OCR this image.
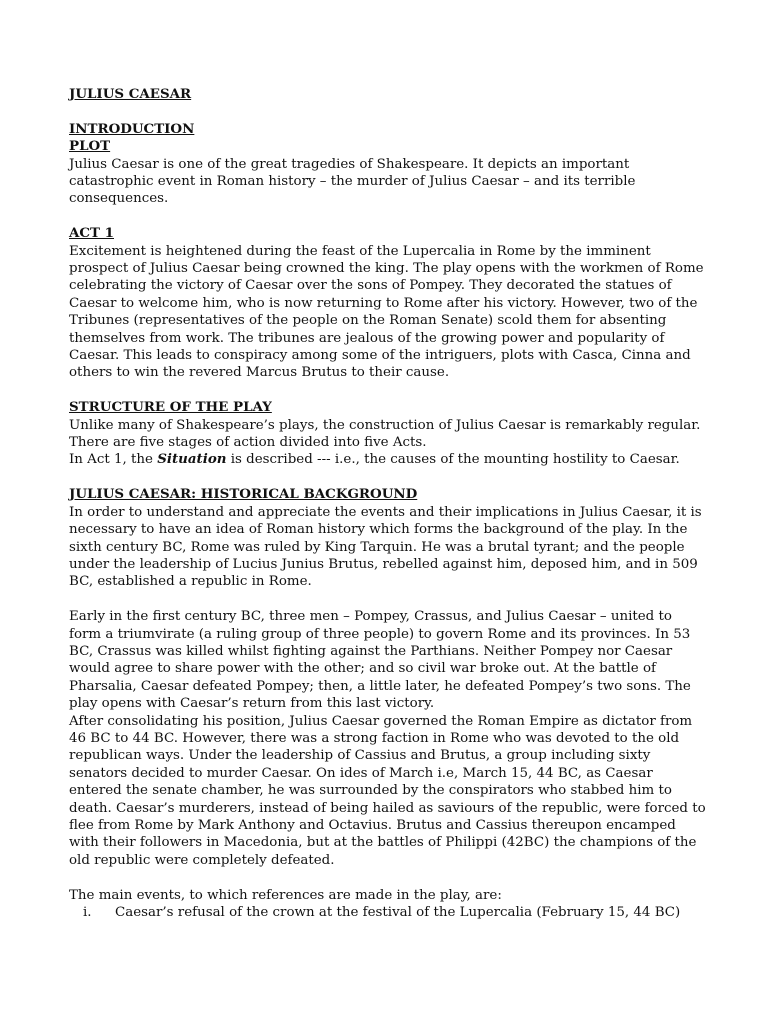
JULIUS CAESAR

INTRODUCTION

PLOT

Julius Caesar is one of the great tragedies of Shakespeare. It depicts an important catastrophic event in Roman history – the murder of Julius Caesar – and its terrible consequences.

ACT 1

Excitement is heightened during the feast of the Lupercalia in Rome by the imminent prospect of Julius Caesar being crowned the king. The play opens with the workmen of Rome celebrating the victory of Caesar over the sons of Pompey. They decorated the statues of Caesar to welcome him, who is now returning to Rome after his victory. However, two of the Tribunes (representatives of the people on the Roman Senate) scold them for absenting themselves from work. The tribunes are jealous of the growing power and popularity of Caesar. This leads to conspiracy among some of the intriguers, plots with Casca, Cinna and others to win the revered Marcus Brutus to their cause.

STRUCTURE OF THE PLAY

Unlike many of Shakespeare’s plays, the construction of Julius Caesar is remarkably regular. There are five stages of action divided into five Acts.

In Act 1, the Situation is described --- i.e., the causes of the mounting hostility to Caesar.

JULIUS CAESAR: HISTORICAL BACKGROUND

In order to understand and appreciate the events and their implications in Julius Caesar, it is necessary to have an idea of Roman history which forms the background of the play. In the sixth century BC, Rome was ruled by King Tarquin. He was a brutal tyrant; and the people under the leadership of Lucius Junius Brutus, rebelled against him, deposed him, and in 509 BC, established a republic in Rome.

Early in the first century BC, three men – Pompey, Crassus, and Julius Caesar – united to form a triumvirate (a ruling group of three people) to govern Rome and its provinces. In 53 BC, Crassus was killed whilst fighting against the Parthians. Neither Pompey nor Caesar would agree to share power with the other; and so civil war broke out. At the battle of Pharsalia, Caesar defeated Pompey; then, a little later, he defeated Pompey’s two sons. The play opens with Caesar’s return from this last victory.

After consolidating his position, Julius Caesar governed the Roman Empire as dictator from 46 BC to 44 BC. However, there was a strong faction in Rome who was devoted to the old republican ways. Under the leadership of Cassius and Brutus, a group including sixty senators decided to murder Caesar. On ides of March i.e, March 15, 44 BC, as Caesar entered the senate chamber, he was surrounded by the conspirators who stabbed him to death. Caesar’s murderers, instead of being hailed as saviours of the republic, were forced to flee from Rome by Mark Anthony and Octavius. Brutus and Cassius thereupon encamped with their followers in Macedonia, but at the battles of Philippi (42BC) the champions of the old republic were completely defeated.

The main events, to which references are made in the play, are:

i.	Caesar’s refusal of the crown at the festival of the Lupercalia (February 15, 44 BC)
